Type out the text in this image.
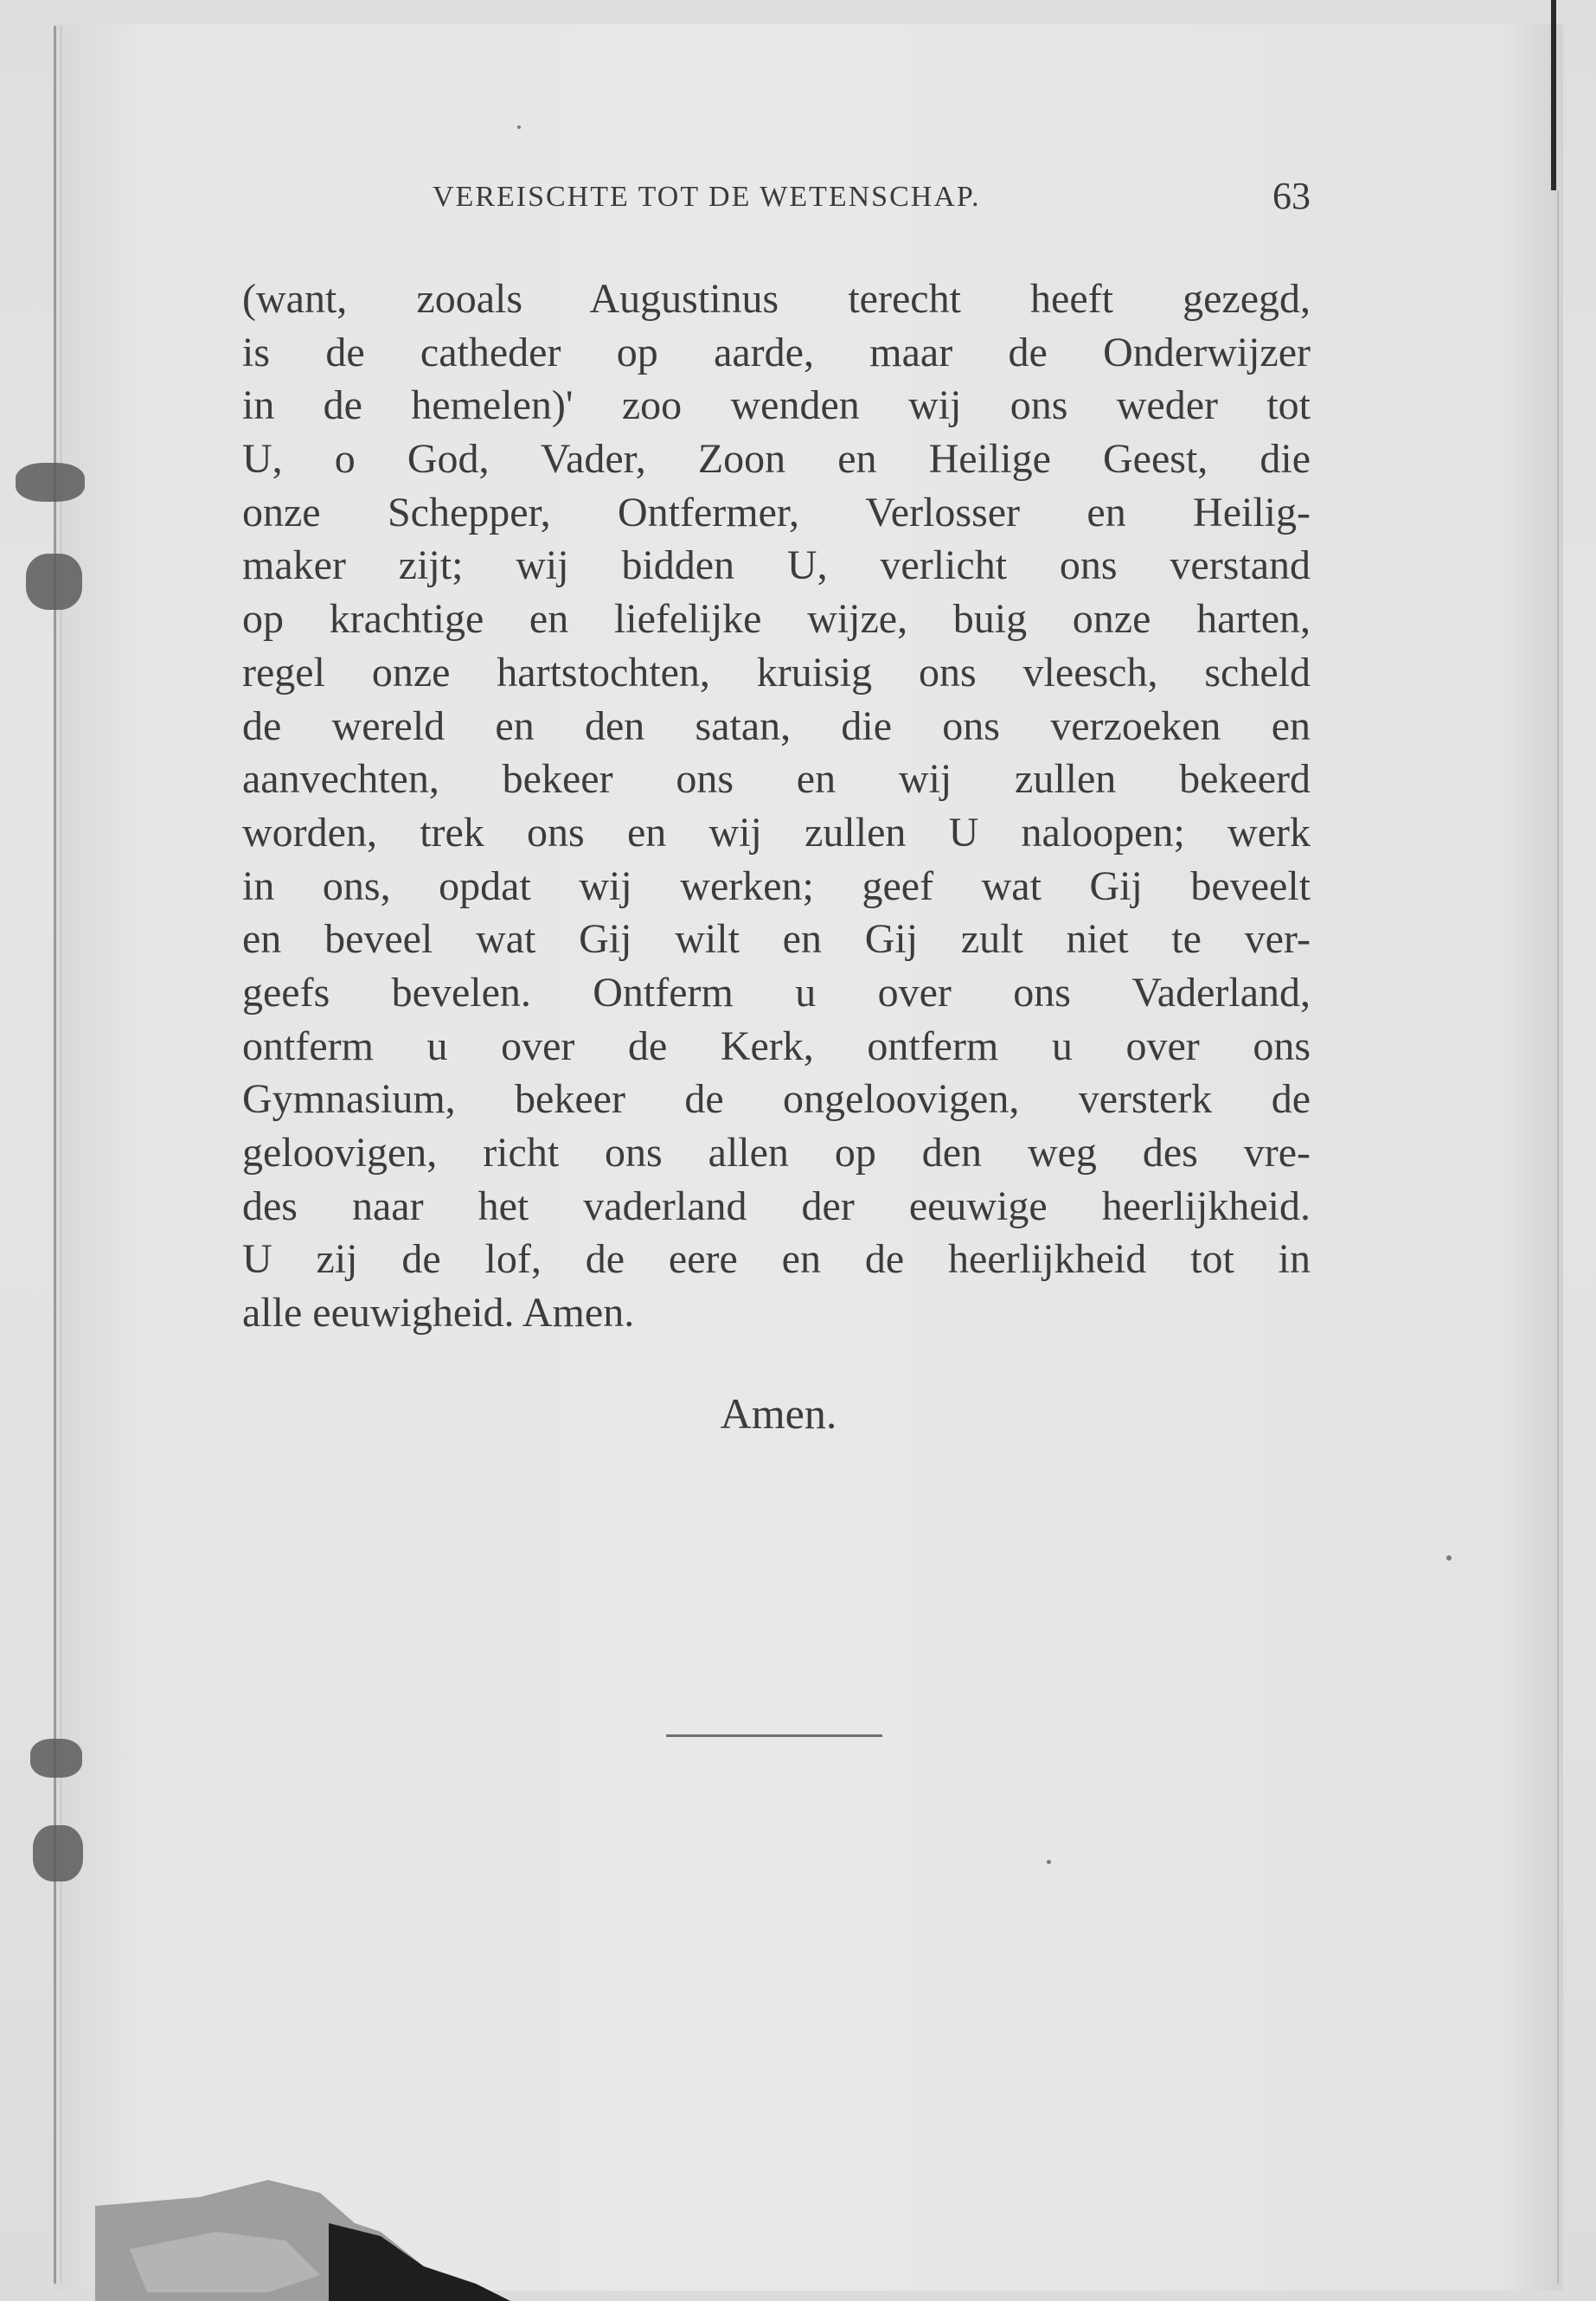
VEREISCHTE TOT DE WETENSCHAP.	63
(want, zooals Augustinus terecht heeft gezegd,
is de catheder op aarde, maar de Onderwijzer
in de hemelen)' zoo wenden wij ons weder tot
U, o God, Vader, Zoon en Heilige Geest, die
onze Schepper, Ontfermer, Verlosser en Heilig-
maker zijt; wij bidden U, verlicht ons verstand
op krachtige en liefelijke wijze, buig onze harten,
regel onze hartstochten, kruisig ons vleesch, scheld
de wereld en den satan, die ons verzoeken en
aanvechten, bekeer ons en wij zullen bekeerd
worden, trek ons en wij zullen U naloopen; werk
in ons, opdat wij werken; geef wat Gij beveelt
en beveel wat Gij wilt en Gij zult niet te ver-
geefs bevelen. Ontferm u over ons Vaderland,
ontferm u over de Kerk, ontferm u over ons
Gymnasium, bekeer de ongeloovigen, versterk de
geloovigen, richt ons allen op den weg des vre-
des naar het vaderland der eeuwige heerlijkheid.
U zij de lof, de eere en de heerlijkheid tot in
alle eeuwigheid. Amen.
Amen.
